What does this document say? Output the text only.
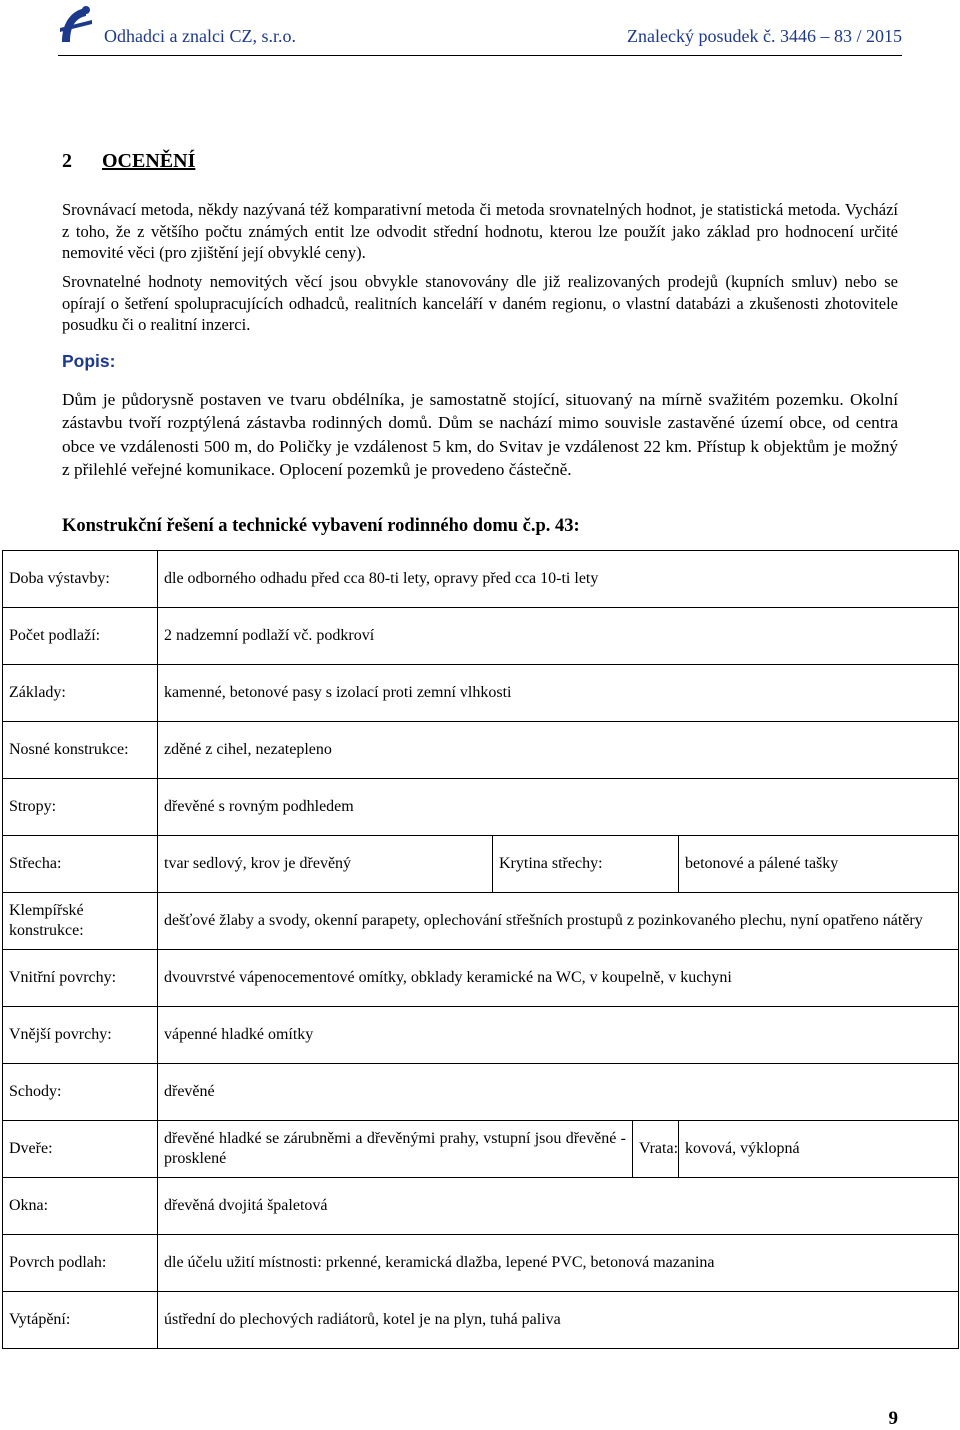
Odhadci a znalci CZ, s.r.o.	Znalecký posudek č. 3446 – 83 / 2015
2 OCENĚNÍ
Srovnávací metoda, někdy nazývaná též komparativní metoda či metoda srovnatelných hodnot, je statistická metoda. Vychází z toho, že z většího počtu známých entit lze odvodit střední hodnotu, kterou lze použít jako základ pro hodnocení určité nemovité věci (pro zjištění její obvyklé ceny).
Srovnatelné hodnoty nemovitých věcí jsou obvykle stanovovány dle již realizovaných prodejů (kupních smluv) nebo se opírají o šetření spolupracujících odhadců, realitních kanceláří v daném regionu, o vlastní databázi a zkušenosti zhotovitele posudku či o realitní inzerci.
Popis:
Dům je půdorysně postaven ve tvaru obdélníka, je samostatně stojící, situovaný na mírně svažitém pozemku. Okolní zástavbu tvoří rozptýlená zástavba rodinných domů. Dům se nachází mimo souvisle zastavěné území obce, od centra obce ve vzdálenosti 500 m, do Poličky je vzdálenost 5 km, do Svitav je vzdálenost 22 km. Přístup k objektům je možný z přilehlé veřejné komunikace. Oplocení pozemků je provedeno částečně.
Konstrukční řešení a technické vybavení rodinného domu č.p. 43:
Doba výstavby:	dle odborného odhadu před cca 80-ti lety, opravy před cca 10-ti lety			
Počet podlaží:	2 nadzemní podlaží vč. podkroví			
Základy:	kamenné, betonové pasy s izolací proti zemní vlhkosti			
Nosné konstrukce:	zděné z cihel, nezatepleno			
Stropy:	dřevěné s rovným podhledem			
Střecha:	tvar sedlový, krov je dřevěný	Krytina střechy:		betonové a pálené tašky
Klempířské konstrukce:	dešťové žlaby a svody, okenní parapety, oplechování střešních prostupů z pozinkovaného plechu, nyní opatřeno nátěry			
Vnitřní povrchy:	dvouvrstvé vápenocementové omítky, obklady keramické na WC, v koupelně, v kuchyni			
Vnější povrchy:	vápenné hladké omítky			
Schody:	dřevěné			
Dveře:	dřevěné hladké se zárubněmi a dřevěnými prahy, vstupní jsou dřevěné - prosklené		Vrata:	kovová, výklopná
Okna:	dřevěná dvojitá špaletová			
Povrch podlah:	dle účelu užití místnosti: prkenné, keramická dlažba, lepené PVC, betonová mazanina			
Vytápění:	ústřední do plechových radiátorů, kotel je na plyn, tuhá paliva			
9
